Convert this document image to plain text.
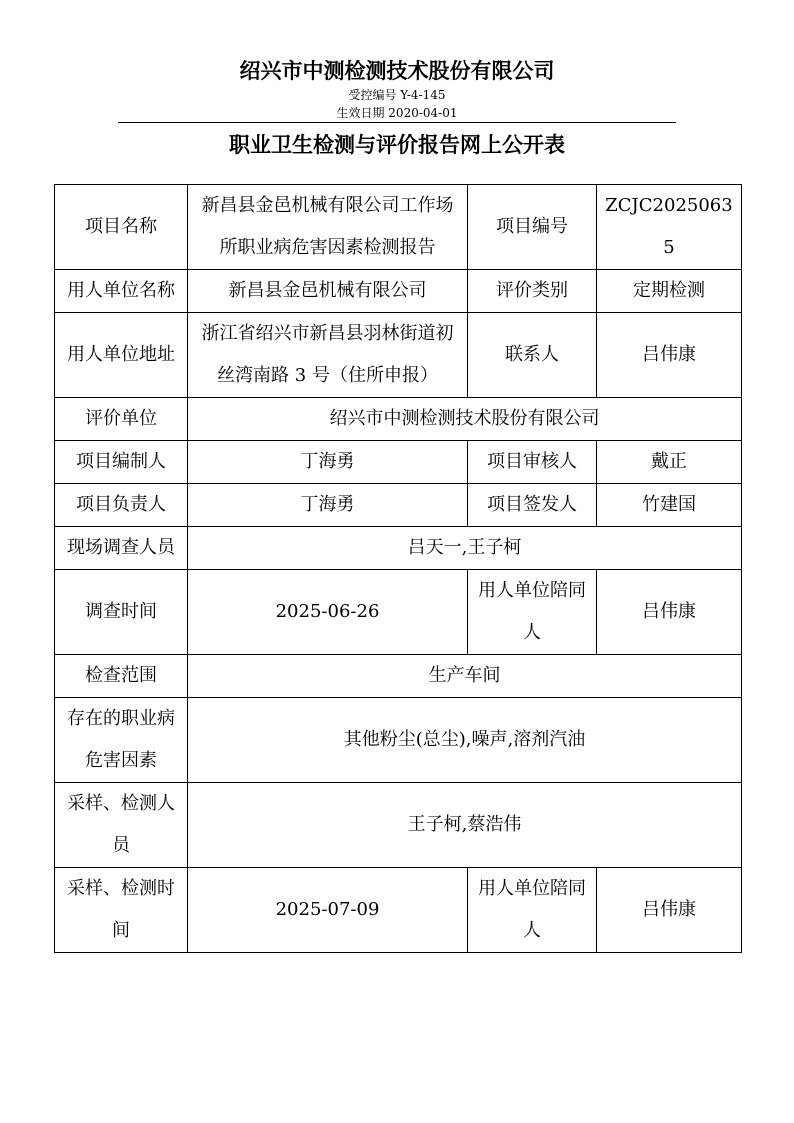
绍兴市中测检测技术股份有限公司
受控编号 Y-4-145
生效日期 2020-04-01
职业卫生检测与评价报告网上公开表
项目名称	新昌县金邑机械有限公司工作场所职业病危害因素检测报告	项目编号	ZCJC20250635
用人单位名称	新昌县金邑机械有限公司	评价类别	定期检测
用人单位地址	浙江省绍兴市新昌县羽林街道初丝湾南路 3 号（住所申报）	联系人	吕伟康
评价单位	绍兴市中测检测技术股份有限公司		
项目编制人	丁海勇	项目审核人	戴正
项目负责人	丁海勇	项目签发人	竹建国
现场调查人员	吕天一,王子柯		
调查时间	2025-06-26	用人单位陪同人	吕伟康
检查范围	生产车间		
存在的职业病危害因素	其他粉尘(总尘),噪声,溶剂汽油		
采样、检测人员	王子柯,蔡浩伟		
采样、检测时间	2025-07-09	用人单位陪同人	吕伟康
